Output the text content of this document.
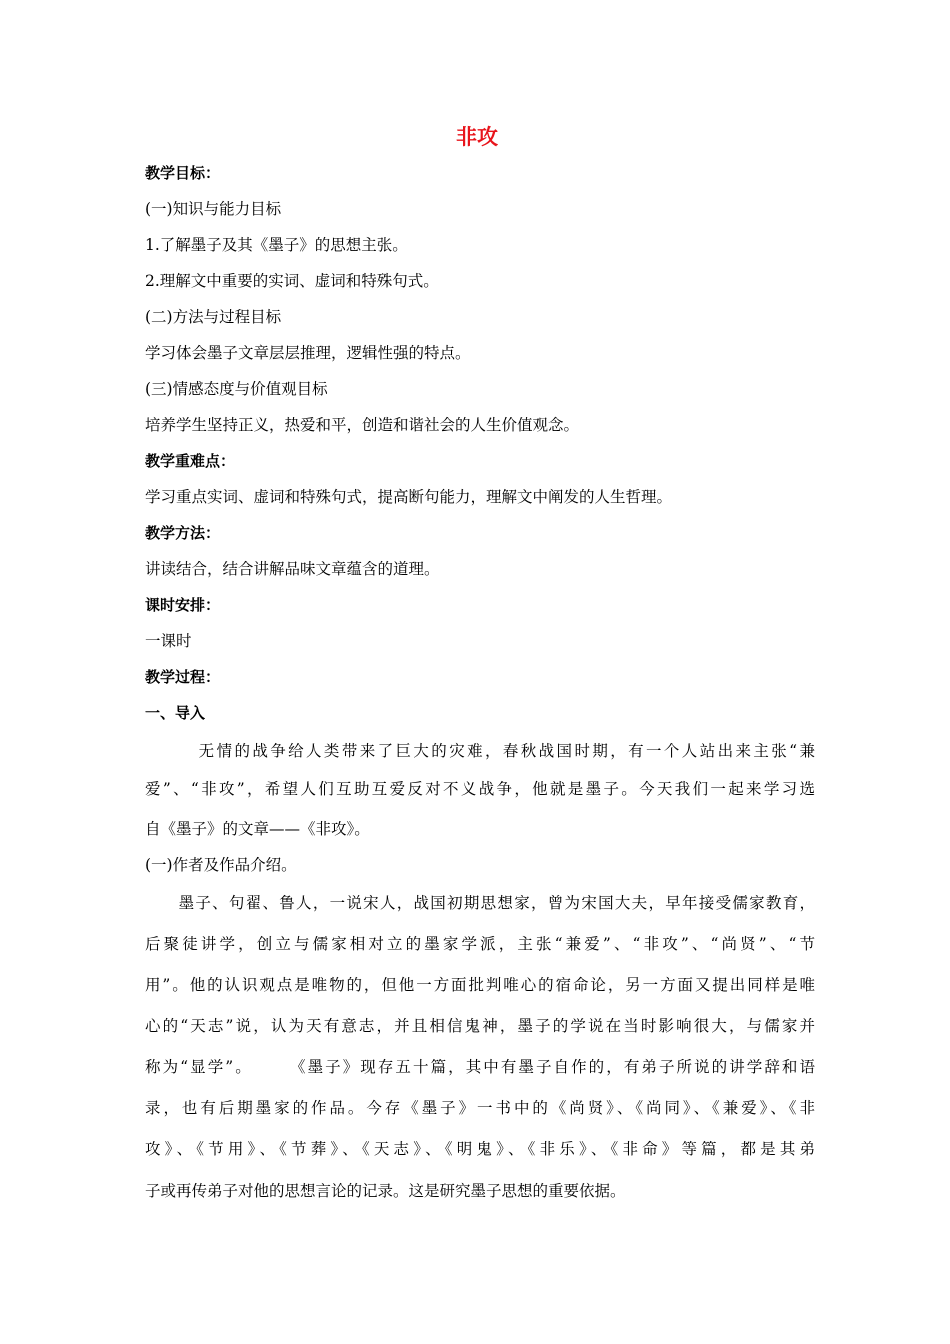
非攻

教学目标：

(一)知识与能力目标

1.了解墨子及其《墨子》的思想主张。

2.理解文中重要的实词、虚词和特殊句式。

(二)方法与过程目标

学习体会墨子文章层层推理，逻辑性强的特点。

(三)情感态度与价值观目标

培养学生坚持正义，热爱和平，创造和谐社会的人生价值观念。

教学重难点：

学习重点实词、虚词和特殊句式，提高断句能力，理解文中阐发的人生哲理。

教学方法：

讲读结合，结合讲解品味文章蕴含的道理。

课时安排：

一课时

教学过程：

一、导入

　　　无情的战争给人类带来了巨大的灾难，春秋战国时期，有一个人站出来主张“兼

爱”、“非攻”，希望人们互助互爱反对不义战争，他就是墨子。今天我们一起来学习选

自《墨子》的文章——《非攻》。

(一)作者及作品介绍。

　　墨子、句翟、鲁人，一说宋人，战国初期思想家，曾为宋国大夫，早年接受儒家教育，

后聚徒讲学，创立与儒家相对立的墨家学派，主张“兼爱”、“非攻”、“尚贤”、“节

用”。他的认识观点是唯物的，但他一方面批判唯心的宿命论，另一方面又提出同样是唯

心的“天志”说，认为天有意志，并且相信鬼神，墨子的学说在当时影响很大，与儒家并

称为“显学”。　　　《墨子》现存五十篇，其中有墨子自作的，有弟子所说的讲学辞和语

录，也有后期墨家的作品。今存《墨子》一书中的《尚贤》、《尚同》、《兼爱》、《非

攻》、《节用》、《节葬》、《天志》、《明鬼》、《非乐》、《非命》等篇，都是其弟

子或再传弟子对他的思想言论的记录。这是研究墨子思想的重要依据。
